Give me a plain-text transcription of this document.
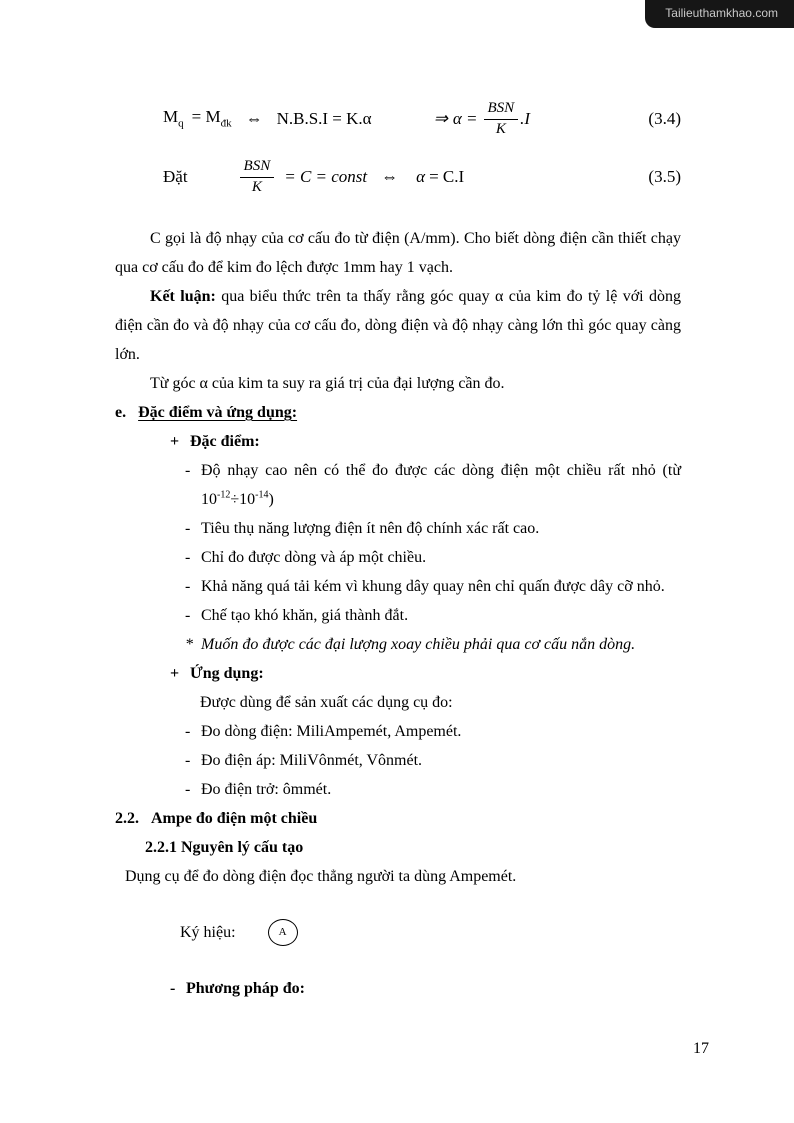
Tailieuthamkhao.com
$M_q = M_{đk}$ ⇔ N.B.S.I = K.α	⇒ $\alpha = \frac{\text{BSN}}{K} .I$	(3.4)
Đặt	$\frac{\text{BSN}}{K} = C$ = const ⇔ α = C.I	(3.5)

C gọi là độ nhạy của cơ cấu đo từ điện (A/mm). Cho biết dòng điện cần thiết chạy qua cơ cấu đo để kim đo lệch được 1mm hay 1 vạch.

Kết luận: qua biểu thức trên ta thấy rằng góc quay α của kim đo tỷ lệ với dòng điện cần đo và độ nhạy của cơ cấu đo, dòng điện và độ nhạy càng lớn thì góc quay càng lớn.

Từ góc α của kim ta suy ra giá trị của đại lượng cần đo.

e. Đặc điểm và ứng dụng:
+ Đặc điểm:
- Độ nhạy cao nên có thể đo được các dòng điện một chiều rất nhỏ (từ $10^{-12}\div 10^{-14}$)
- Tiêu thụ năng lượng điện ít nên độ chính xác rất cao.
- Chỉ đo được dòng và áp một chiều.
- Khả năng quá tải kém vì khung dây quay nên chỉ quấn được dây cỡ nhỏ.
- Chế tạo khó khăn, giá thành đắt.
* Muốn đo được các đại lượng xoay chiều phải qua cơ cấu nắn dòng.
+ Ứng dụng:
Được dùng để sản xuất các dụng cụ đo:
- Đo dòng điện: MiliAmpemét, Ampemét.
- Đo điện áp: MiliVônmét, Vônmét.
- Đo điện trở: ômmét.
2.2. Ampe đo điện một chiều
2.2.1 Nguyên lý cấu tạo
Dụng cụ để đo dòng điện đọc thẳng người ta dùng Ampemét.
Ký hiệu:	A
- Phương pháp đo:
17
